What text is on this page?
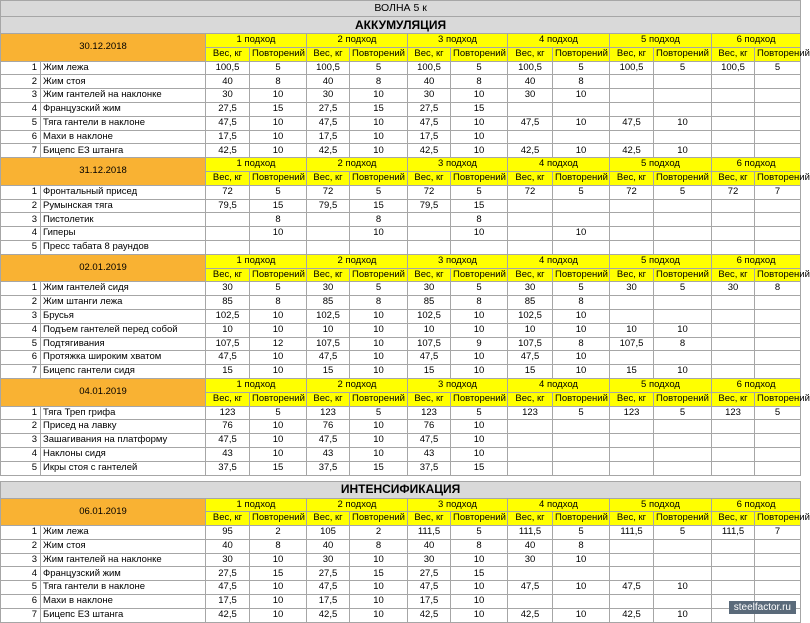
ВОЛНА 5 к													
АККУМУЛЯЦИЯ													
30.12.2018		1 подход		2 подход		3 подход		4 подход		5 подход		6 подход	
		Вес, кг	Повторений	Вес, кг	Повторений	Вес, кг	Повторений	Вес, кг	Повторений	Вес, кг	Повторений	Вес, кг	Повторений
1	Жим лежа	100,5	5	100,5	5	100,5	5	100,5	5	100,5	5	100,5	5
2	Жим стоя	40	8	40	8	40	8	40	8				
3	Жим гантелей на наклонке	30	10	30	10	30	10	30	10				
4	Французский жим	27,5	15	27,5	15	27,5	15						
5	Тяга гантели в наклоне	47,5	10	47,5	10	47,5	10	47,5	10	47,5	10		
6	Махи в наклоне	17,5	10	17,5	10	17,5	10						
7	Бицепс EЗ штанга	42,5	10	42,5	10	42,5	10	42,5	10	42,5	10		
31.12.2018		1 подход		2 подход		3 подход		4 подход		5 подход		6 подход	
		Вес, кг	Повторений	Вес, кг	Повторений	Вес, кг	Повторений	Вес, кг	Повторений	Вес, кг	Повторений	Вес, кг	Повторений
1	Фронтальный присед	72	5	72	5	72	5	72	5	72	5	72	7
2	Румынская тяга	79,5	15	79,5	15	79,5	15						
3	Пистолетик		8		8		8						
4	Гиперы		10		10		10		10				
5	Пресс табата 8 раундов												
02.01.2019		1 подход		2 подход		3 подход		4 подход		5 подход		6 подход	
		Вес, кг	Повторений	Вес, кг	Повторений	Вес, кг	Повторений	Вес, кг	Повторений	Вес, кг	Повторений	Вес, кг	Повторений
1	Жим гантелей сидя	30	5	30	5	30	5	30	5	30	5	30	8
2	Жим штанги лежа	85	8	85	8	85	8	85	8				
3	Брусья	102,5	10	102,5	10	102,5	10	102,5	10				
4	Подъем гантелей перед собой	10	10	10	10	10	10	10	10	10	10		
5	Подтягивания	107,5	12	107,5	10	107,5	9	107,5	8	107,5	8		
6	Протяжка широким хватом	47,5	10	47,5	10	47,5	10	47,5	10				
7	Бицепс гантели сидя	15	10	15	10	15	10	15	10	15	10		
04.01.2019		1 подход		2 подход		3 подход		4 подход		5 подход		6 подход	
		Вес, кг	Повторений	Вес, кг	Повторений	Вес, кг	Повторений	Вес, кг	Повторений	Вес, кг	Повторений	Вес, кг	Повторений
1	Тяга Треп грифа	123	5	123	5	123	5	123	5	123	5	123	5
2	Присед на лавку	76	10	76	10	76	10						
3	Зашагивания на платформу	47,5	10	47,5	10	47,5	10						
4	Наклоны сидя	43	10	43	10	43	10						
5	Икры стоя с гантелей	37,5	15	37,5	15	37,5	15						

ИНТЕНСИФИКАЦИЯ													
06.01.2019		1 подход		2 подход		3 подход		4 подход		5 подход		6 подход	
		Вес, кг	Повторений	Вес, кг	Повторений	Вес, кг	Повторений	Вес, кг	Повторений	Вес, кг	Повторений	Вес, кг	Повторений
1	Жим лежа	95	2	105	2	111,5	5	111,5	5	111,5	5	111,5	7
2	Жим стоя	40	8	40	8	40	8	40	8				
3	Жим гантелей на наклонке	30	10	30	10	30	10	30	10				
4	Французский жим	27,5	15	27,5	15	27,5	15						
5	Тяга гантели в наклоне	47,5	10	47,5	10	47,5	10	47,5	10	47,5	10		
6	Махи в наклоне	17,5	10	17,5	10	17,5	10						
7	Бицепс EЗ штанга	42,5	10	42,5	10	42,5	10	42,5	10	42,5	10		
steelfactor.ru
